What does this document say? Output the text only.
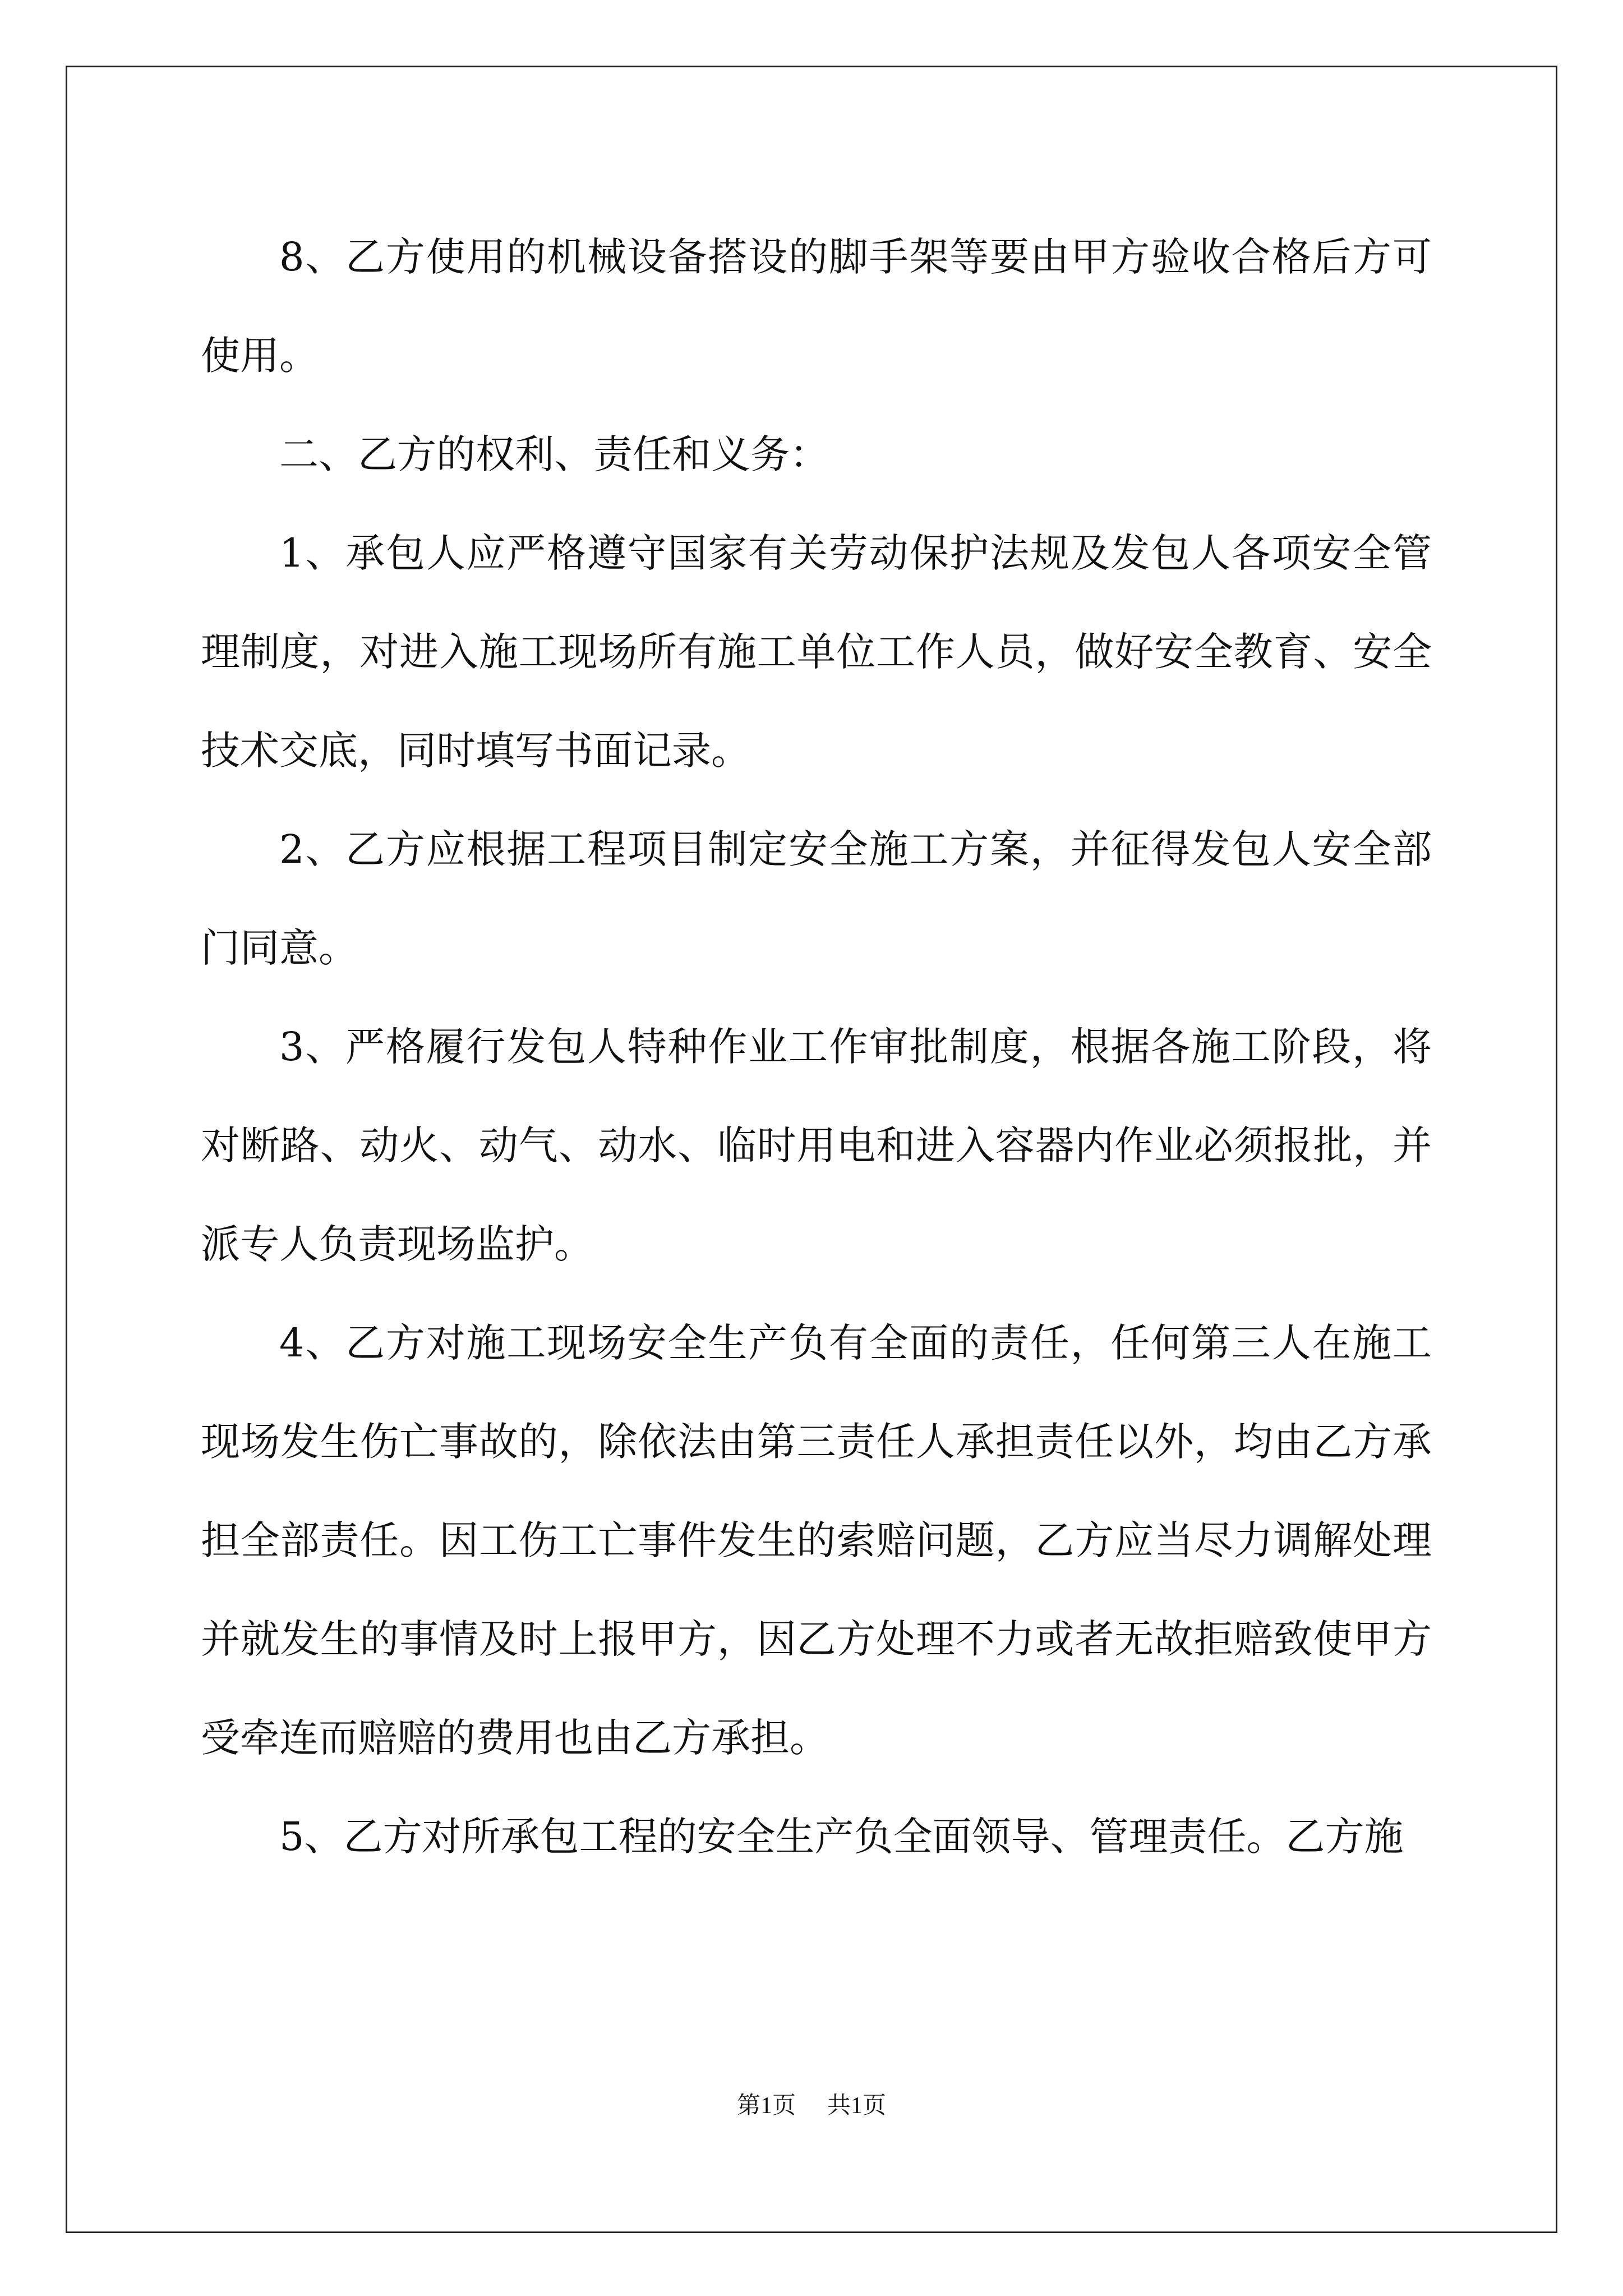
8、乙方使用的机械设备搭设的脚手架等要由甲方验收合格后方可使用。

二、乙方的权利、责任和义务：

1、承包人应严格遵守国家有关劳动保护法规及发包人各项安全管理制度，对进入施工现场所有施工单位工作人员，做好安全教育、安全技术交底，同时填写书面记录。

2、乙方应根据工程项目制定安全施工方案，并征得发包人安全部门同意。

3、严格履行发包人特种作业工作审批制度，根据各施工阶段，将对断路、动火、动气、动水、临时用电和进入容器内作业必须报批，并派专人负责现场监护。

4、乙方对施工现场安全生产负有全面的责任，任何第三人在施工现场发生伤亡事故的，除依法由第三责任人承担责任以外，均由乙方承担全部责任。因工伤工亡事件发生的索赔问题，乙方应当尽力调解处理并就发生的事情及时上报甲方，因乙方处理不力或者无故拒赔致使甲方受牵连而赔赔的费用也由乙方承担。

5、乙方对所承包工程的安全生产负全面领导、管理责任。乙方施

第1页 共1页
